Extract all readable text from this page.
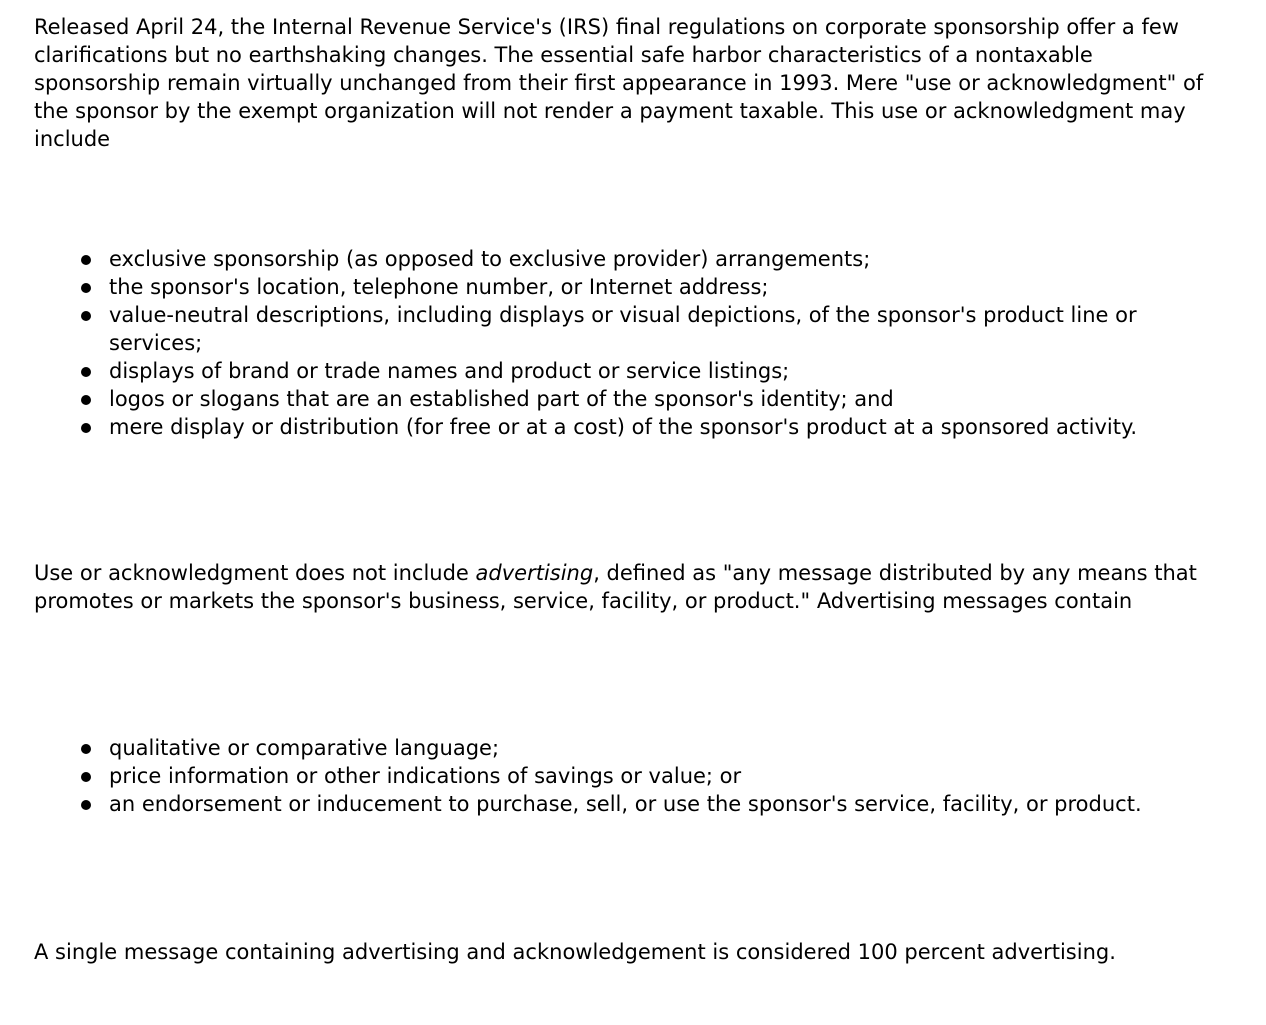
Released April 24, the Internal Revenue Service's (IRS) final regulations on corporate sponsorship offer a few clarifications but no earthshaking changes. The essential safe harbor characteristics of a nontaxable sponsorship remain virtually unchanged from their first appearance in 1993. Mere "use or acknowledgment" of the sponsor by the exempt organization will not render a payment taxable. This use or acknowledgment may include

exclusive sponsorship (as opposed to exclusive provider) arrangements;
the sponsor's location, telephone number, or Internet address;
value-neutral descriptions, including displays or visual depictions, of the sponsor's product line or services;
displays of brand or trade names and product or service listings;
logos or slogans that are an established part of the sponsor's identity; and
mere display or distribution (for free or at a cost) of the sponsor's product at a sponsored activity.

Use or acknowledgment does not include advertising, defined as "any message distributed by any means that promotes or markets the sponsor's business, service, facility, or product." Advertising messages contain

qualitative or comparative language;
price information or other indications of savings or value; or
an endorsement or inducement to purchase, sell, or use the sponsor's service, facility, or product.

A single message containing advertising and acknowledgement is considered 100 percent advertising.
